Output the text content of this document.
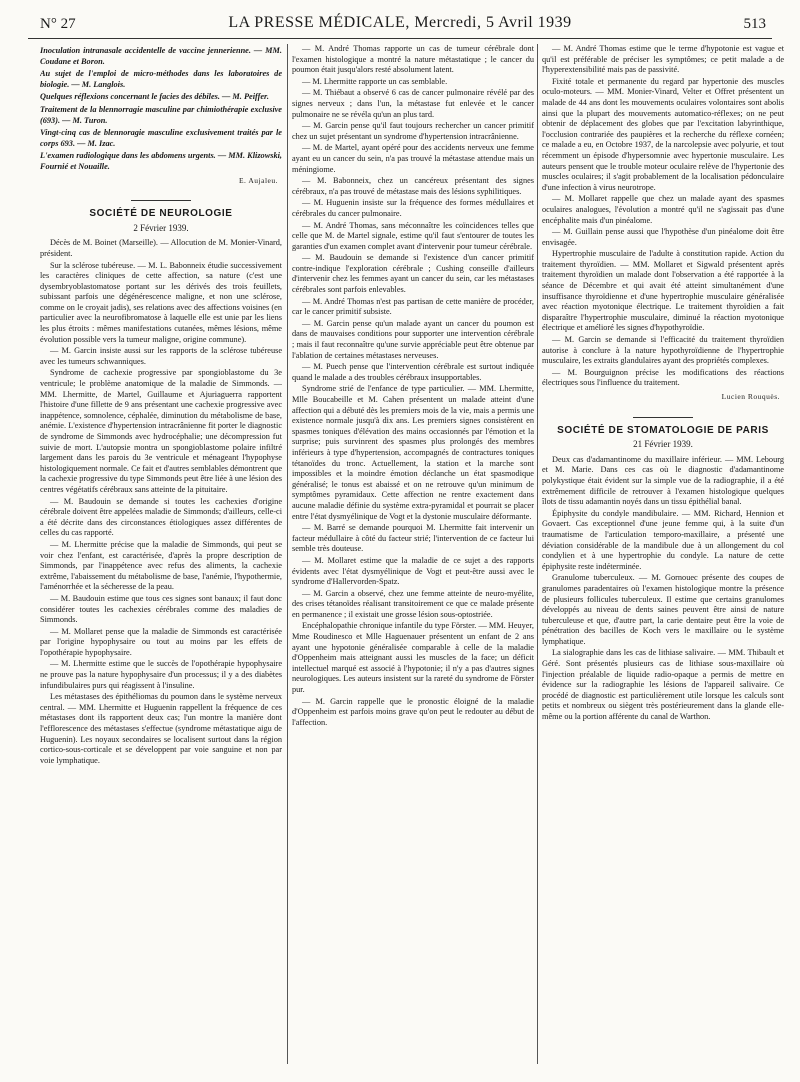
N° 27	LA PRESSE MÉDICALE, Mercredi, 5 Avril 1939	513

Inoculation intranasale accidentelle de vaccine jennerienne. — MM. Coudane et Boron.

Au sujet de l'emploi de micro-méthodes dans les laboratoires de biologie. — M. Langlois.

Quelques réflexions concernant le facies des débiles. — M. Peiffer.

Traitement de la blennorragie masculine par chimiothérapie exclusive (693). — M. Turon.

Vingt-cinq cas de blennoragie masculine exclusivement traités par le corps 693. — M. Izac.

L'examen radiologique dans les abdomens urgents. — MM. Klizowski, Fournié et Nouaille.

E. Aujaleu.
SOCIÉTÉ DE NEUROLOGIE
2 Février 1939.

Décès de M. Boinet (Marseille). — Allocution de M. Monier-Vinard, président.

Sur la sclérose tubéreuse. — M. L. Babonneix étudie successivement les caractères cliniques de cette affection, sa nature (c'est une dysembryoblastomatose portant sur les dérivés des trois feuillets, subissant parfois une dégénérescence maligne, et non une sclérose, comme on le croyait jadis), ses relations avec des affections voisines (en particulier avec la neurofibromatose à laquelle elle est unie par les liens les plus étroits : mêmes manifestations cutanées, mêmes lésions, même évolution possible vers la tumeur maligne, origine commune).

— M. Garcin insiste aussi sur les rapports de la sclérose tubéreuse avec les tumeurs schwanniques.

Syndrome de cachexie progressive par spongioblastome du 3e ventricule; le problème anatomique de la maladie de Simmonds. — MM. Lhermitte, de Martel, Guillaume et Ajuriaguerra rapportent l'histoire d'une fillette de 9 ans présentant une cachexie progressive avec inappétence, somnolence, céphalée, diminution du métabolisme de base, anémie. L'existence d'hypertension intracrânienne fit porter le diagnostic de syndrome de Simmonds avec hydrocéphalie; une décompression fut suivie de mort. L'autopsie montra un spongioblastome polaire infiltré largement dans les parois du 3e ventricule et ménageant l'hypophyse histologiquement normale. Ce fait et d'autres semblables démontrent que la cachexie progressive du type Simmonds peut être liée à une lésion des centres végétatifs cérébraux sans atteinte de la pituitaire.

— M. Baudouin se demande si toutes les cachexies d'origine cérébrale doivent être appelées maladie de Simmonds; d'ailleurs, celle-ci a été décrite dans des circonstances étiologiques assez différentes de celles du cas rapporté.

— M. Lhermitte précise que la maladie de Simmonds, qui peut se voir chez l'enfant, est caractérisée, d'après la propre description de Simmonds, par l'inappétence avec refus des aliments, la cachexie extrême, l'abaissement du métabolisme de base, l'anémie, l'hypothermie, l'aménorrhée et la sécheresse de la peau.

— M. Baudouin estime que tous ces signes sont banaux; il faut donc considérer toutes les cachexies cérébrales comme des maladies de Simmonds.

— M. Mollaret pense que la maladie de Simmonds est caractérisée par l'origine hypophysaire ou tout au moins par les effets de l'opothérapie hypophysaire.

— M. Lhermitte estime que le succès de l'opothérapie hypophysaire ne prouve pas la nature hypophysaire d'un processus; il y a des diabètes infundibulaires purs qui réagissent à l'insuline.

Les métastases des épithéliomas du poumon dans le système nerveux central. — MM. Lhermitte et Huguenin rappellent la fréquence de ces métastases dont ils rapportent deux cas; l'un montre la manière dont l'efflorescence des métastases s'effectue (syndrome métastatique aigu de Huguenin). Les noyaux secondaires se localisent surtout dans la région cortico-sous-corticale et se développent par voie sanguine et non par voie lymphatique.

— M. André Thomas rapporte un cas de tumeur cérébrale dont l'examen histologique a montré la nature métastatique ; le cancer du poumon était jusqu'alors resté absolument latent.

— M. Lhermitte rapporte un cas semblable.

— M. Thiébaut a observé 6 cas de cancer pulmonaire révélé par des signes nerveux ; dans l'un, la métastase fut enlevée et le cancer pulmonaire ne se révéla qu'un an plus tard.

— M. Garcin pense qu'il faut toujours rechercher un cancer primitif chez un sujet présentant un syndrome d'hypertension intracrânienne.

— M. de Martel, ayant opéré pour des accidents nerveux une femme ayant eu un cancer du sein, n'a pas trouvé la métastase attendue mais un méningiome.

— M. Babonneix, chez un cancéreux présentant des signes cérébraux, n'a pas trouvé de métastase mais des lésions syphilitiques.

— M. Huguenin insiste sur la fréquence des formes médullaires et cérébrales du cancer pulmonaire.

— M. André Thomas, sans méconnaître les coïncidences telles que celle que M. de Martel signale, estime qu'il faut s'entourer de toutes les garanties d'un examen complet avant d'intervenir pour tumeur cérébrale.

— M. Baudouin se demande si l'existence d'un cancer primitif contre-indique l'exploration cérébrale ; Cushing conseille d'ailleurs d'intervenir chez les femmes ayant un cancer du sein, car les métastases cérébrales sont parfois enlevables.

— M. André Thomas n'est pas partisan de cette manière de procéder, car le cancer primitif subsiste.

— M. Garcin pense qu'un malade ayant un cancer du poumon est dans de mauvaises conditions pour supporter une intervention cérébrale ; mais il faut reconnaître qu'une survie appréciable peut être obtenue par l'ablation de certaines métastases nerveuses.

— M. Puech pense que l'intervention cérébrale est surtout indiquée quand le malade a des troubles cérébraux insupportables.

Syndrome strié de l'enfance de type particulier. — MM. Lhermitte, Mlle Boucabeille et M. Cahen présentent un malade atteint d'une affection qui a débuté dès les premiers mois de la vie, mais a permis une existence normale jusqu'à dix ans. Les premiers signes consistèrent en spasmes toniques d'élévation des mains occasionnés par l'émotion et la surprise; puis survinrent des spasmes plus prolongés des membres inférieurs à type d'hypertension, accompagnés de contractures toniques tétanoïdes du tronc. Actuellement, la station et la marche sont impossibles et la moindre émotion déclanche un état spasmodique généralisé; le tonus est abaissé et on ne retrouve qu'un minimum de symptômes pyramidaux. Cette affection ne rentre exactement dans aucune maladie définie du système extra-pyramidal et pourrait se placer entre l'état dysmyélinique de Vogt et la dystonie musculaire déformante.

— M. Barré se demande pourquoi M. Lhermitte fait intervenir un facteur médullaire à côté du facteur strié; l'intervention de ce facteur lui semble très douteuse.

— M. Mollaret estime que la maladie de ce sujet a des rapports évidents avec l'état dysmyélinique de Vogt et peut-être aussi avec le syndrome d'Hallervorden-Spatz.

— M. Garcin a observé, chez une femme atteinte de neuro-myélite, des crises tétanoïdes réalisant transitoirement ce que ce malade présente en permanence ; il existait une grosse lésion sous-optostriée.

Encéphalopathie chronique infantile du type Förster. — MM. Heuyer, Mme Roudinesco et Mlle Haguenauer présentent un enfant de 2 ans ayant une hypotonie généralisée comparable à celle de la maladie d'Oppenheim mais atteignant aussi les muscles de la face; un déficit intellectuel marqué est associé à l'hypotonie; il n'y a pas d'autres signes neurologiques. Les auteurs insistent sur la rareté du syndrome de Förster pur.

— M. Garcin rappelle que le pronostic éloigné de la maladie d'Oppenheim est parfois moins grave qu'on peut le redouter au début de l'affection.

— M. André Thomas estime que le terme d'hypotonie est vague et qu'il est préférable de préciser les symptômes; ce petit malade a de l'hyperextensibilité mais pas de passivité.

Fixité totale et permanente du regard par hypertonie des muscles oculo-moteurs. — MM. Monier-Vinard, Velter et Offret présentent un malade de 44 ans dont les mouvements oculaires volontaires sont abolis ainsi que la plupart des mouvements automatico-réflexes; on ne peut obtenir de déplacement des globes que par l'excitation labyrinthique, l'occlusion contrariée des paupières et la recherche du réflexe cornéen; ce malade a eu, en Octobre 1937, de la narcolepsie avec polyurie, et tout récemment un épisode d'hypersomnie avec hypertonie musculaire. Les auteurs pensent que le trouble moteur oculaire relève de l'hypertonie des muscles oculaires; il s'agit probablement de la localisation pédonculaire d'une infection à virus neurotrope.

— M. Mollaret rappelle que chez un malade ayant des spasmes oculaires analogues, l'évolution a montré qu'il ne s'agissait pas d'une encéphalite mais d'un pinéalome.

— M. Guillain pense aussi que l'hypothèse d'un pinéalome doit être envisagée.

Hypertrophie musculaire de l'adulte à constitution rapide. Action du traitement thyroïdien. — MM. Mollaret et Sigwald présentent après traitement thyroïdien un malade dont l'observation a été rapportée à la séance de Décembre et qui avait été atteint simultanément d'une insuffisance thyroïdienne et d'une hypertrophie musculaire généralisée avec réaction myotonique électrique. Le traitement thyroïdien a fait disparaître l'hypertrophie musculaire, diminué la réaction myotonique électrique et amélioré les signes d'hypothyroïdie.

— M. Garcin se demande si l'efficacité du traitement thyroïdien autorise à conclure à la nature hypothyroïdienne de l'hypertrophie musculaire, les extraits glandulaires ayant des propriétés complexes.

— M. Bourguignon précise les modifications des réactions électriques sous l'influence du traitement.

Lucien Rouquès.
SOCIÉTÉ DE STOMATOLOGIE DE PARIS
21 Février 1939.

Deux cas d'adamantinome du maxillaire inférieur. — MM. Lebourg et M. Marie. Dans ces cas où le diagnostic d'adamantinome polykystique était évident sur la simple vue de la radiographie, il a été extrêmement difficile de retrouver à l'examen histologique quelques îlots de tissu adamantin noyés dans un tissu épithélial banal.

Épiphysite du condyle mandibulaire. — MM. Richard, Hennion et Govaert. Cas exceptionnel d'une jeune femme qui, à la suite d'un traumatisme de l'articulation temporo-maxillaire, a présenté une déviation considérable de la mandibule due à un allongement du col condylien et à une hypertrophie du condyle. La nature de cette épiphysite reste indéterminée.

Granulome tuberculeux. — M. Gornouec présente des coupes de granulomes paradentaires où l'examen histologique montre la présence de plusieurs follicules tuberculeux. Il estime que certains granulomes développés au niveau de dents saines peuvent être ainsi de nature tuberculeuse et que, d'autre part, la carie dentaire peut être la voie de pénétration des bacilles de Koch vers le maxillaire ou le système lymphatique.

La sialographie dans les cas de lithiase salivaire. — MM. Thibault et Géré. Sont présentés plusieurs cas de lithiase sous-maxillaire où l'injection préalable de liquide radio-opaque a permis de mettre en évidence sur la radiographie les lésions de l'appareil salivaire. Ce procédé de diagnostic est particulièrement utile lorsque les calculs sont petits et nombreux ou siègent très postérieurement dans la glande elle-même ou la portion afférente du canal de Warthon.
